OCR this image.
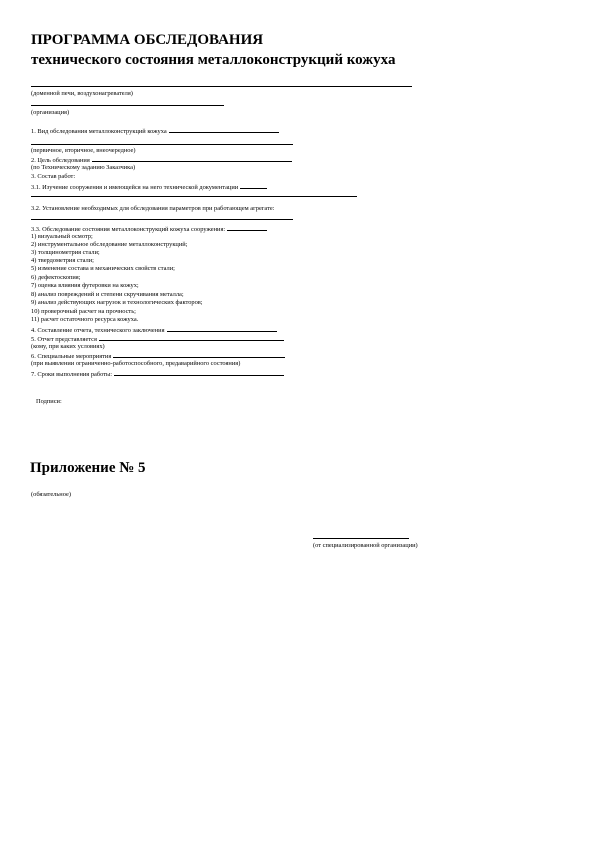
ПРОГРАММА ОБСЛЕДОВАНИЯ
технического состояния металлоконструкций кожуха
(доменной печи, воздухонагревателя)
(организация)
1. Вид обследования металлоконструкций кожуха
(первичное, вторичное, внеочередное)
2. Цель обследования
(по Техническому заданию Заказчика)
3. Состав работ:
3.1. Изучение сооружения и имеющейся на него технической документации
3.2. Установление необходимых для обследования параметров при работающем агрегате:
3.3. Обследование состояния металлоконструкций кожуха сооружения:
1) визуальный осмотр;
2) инструментальное обследование металлоконструкций;
3) толщинометрия стали;
4) твердометрия стали;
5) изменение состава и механических свойств стали;
6) дефектоскопия;
7) оценка влияния футеровки на кожух;
8) анализ повреждений и степени скручивания металла;
9) анализ действующих нагрузок и технологических факторов;
10) проверочный расчет на прочность;
11) расчет остаточного ресурса кожуха.
4. Составление отчета, технического заключения
5. Отчет представляется
(кому, при каких условиях)
6. Специальные мероприятия
(при выявлении ограниченно-работоспособного, предаварийного состояния)
7. Сроки выполнения работы:
Подписи:
Приложение № 5
(обязательное)
(от специализированной организации)
